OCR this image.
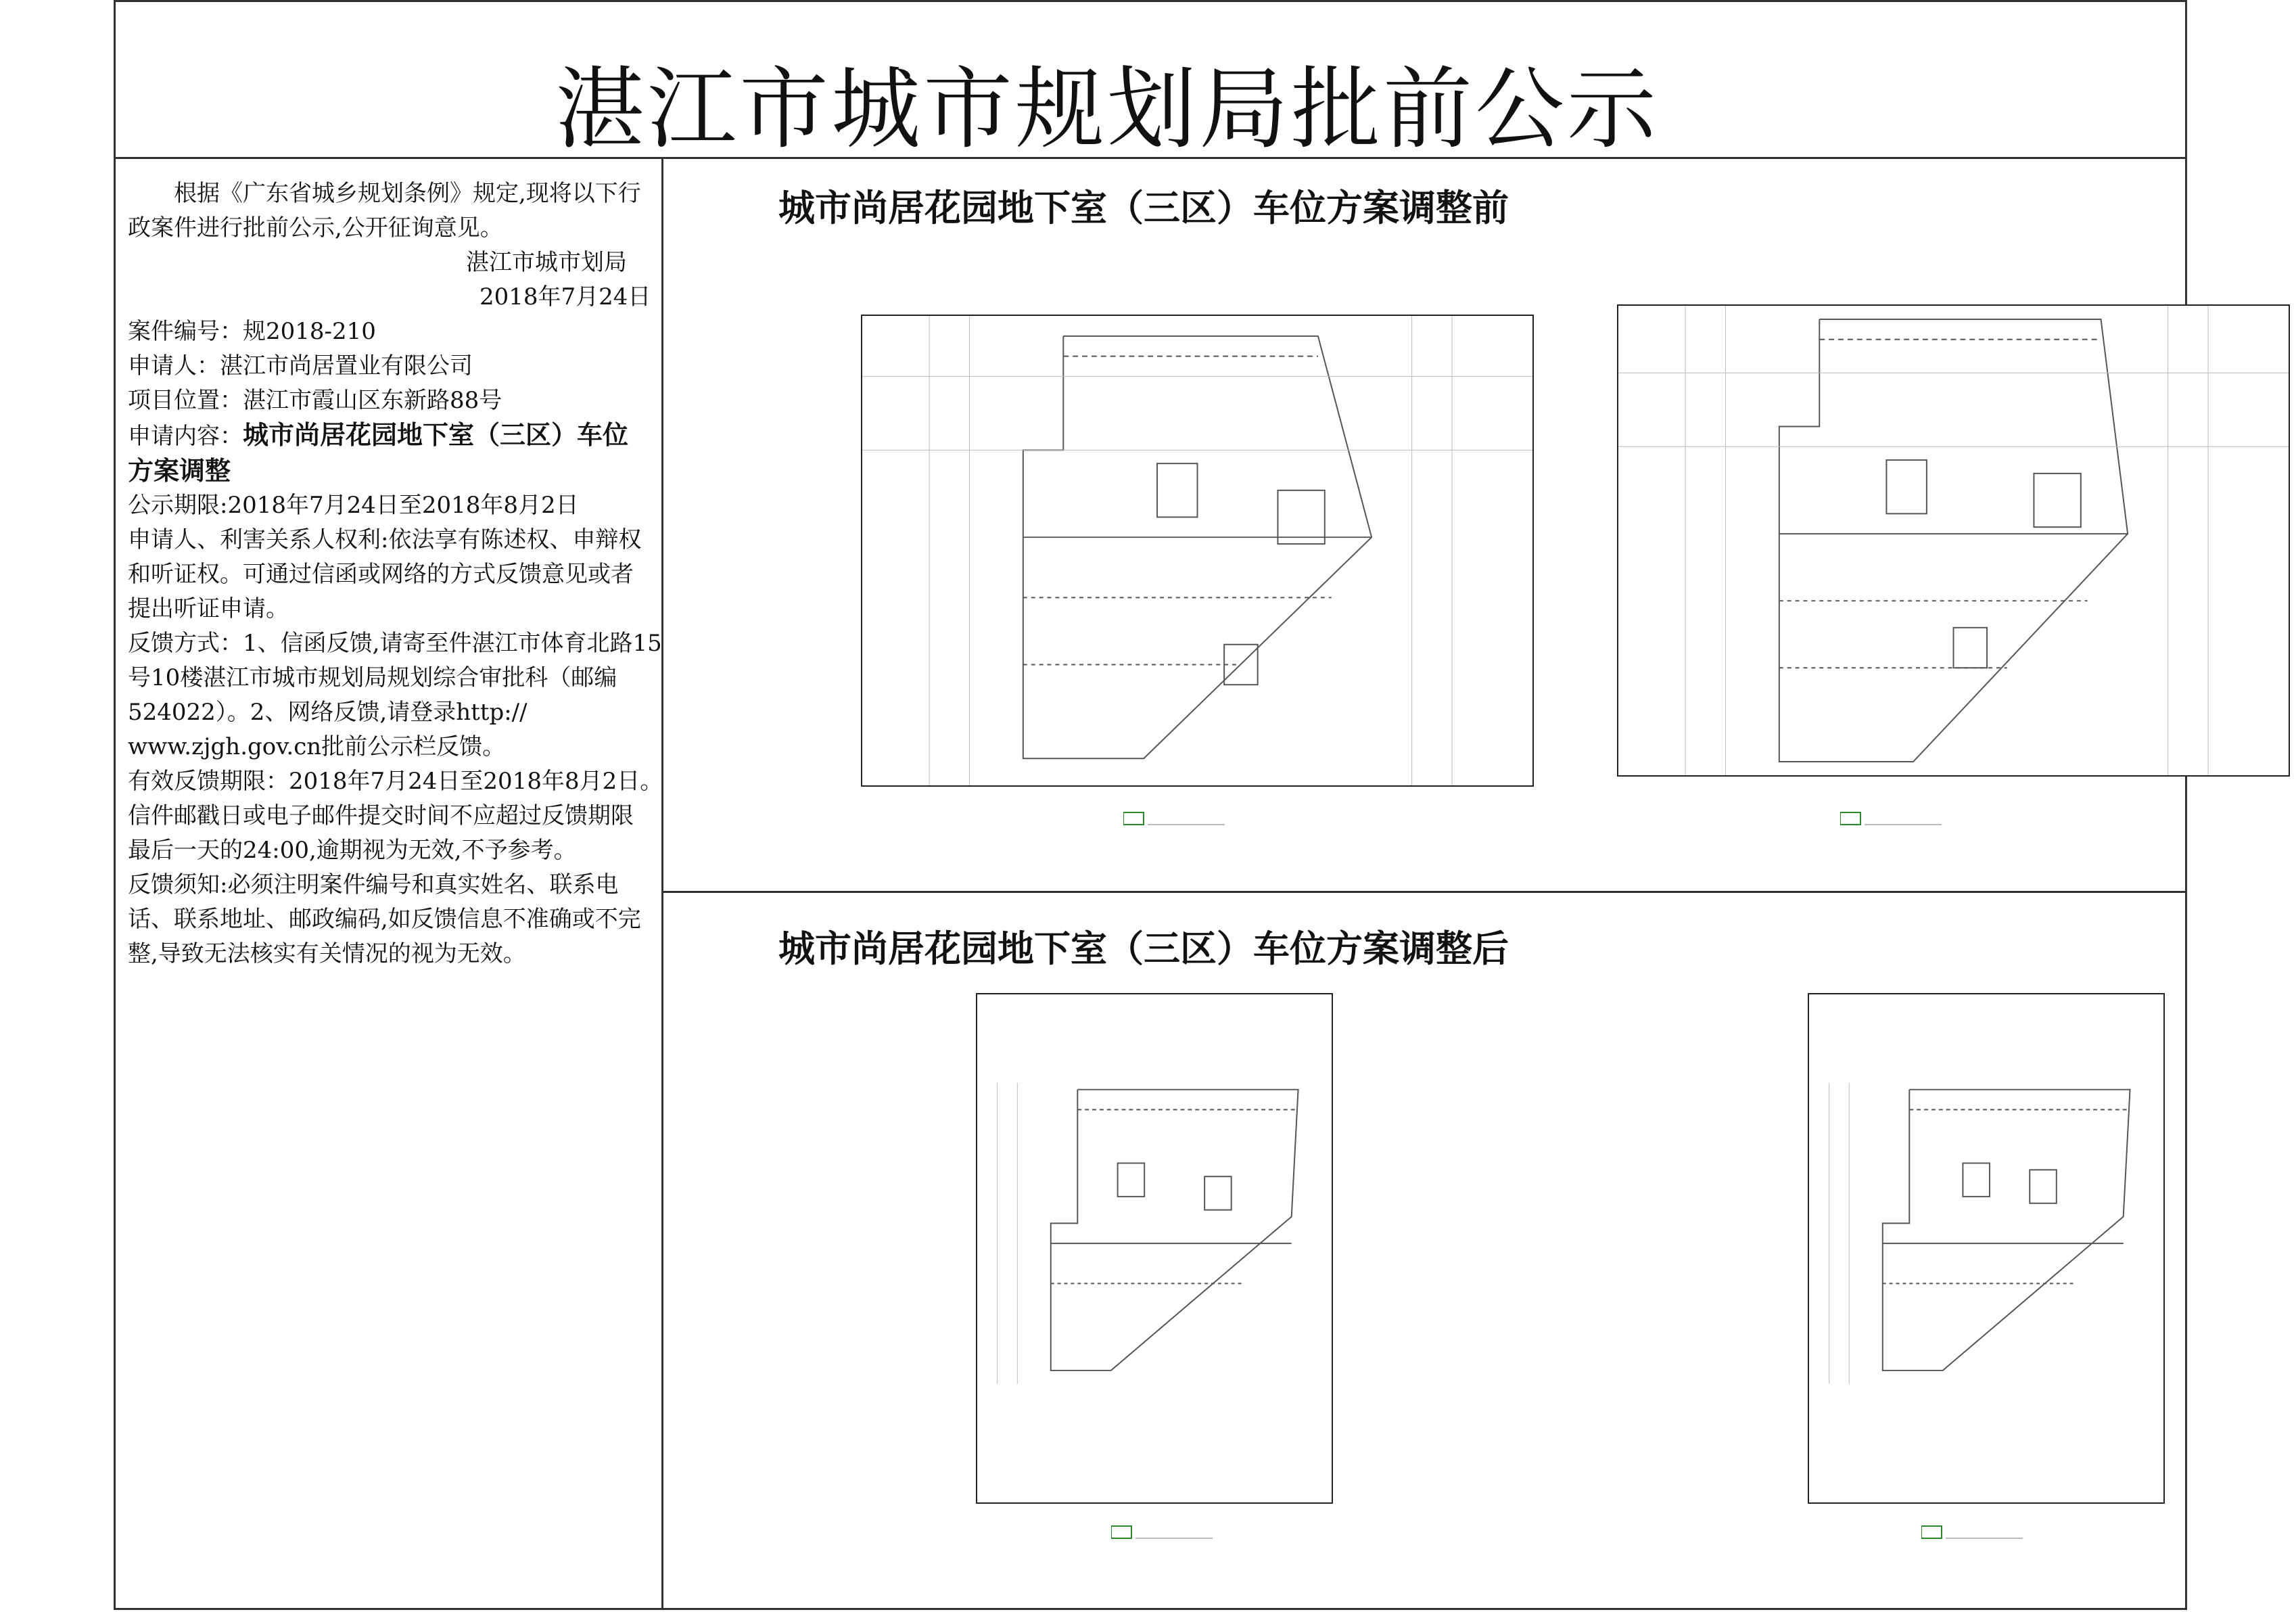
湛江市城市规划局批前公示

根据《广东省城乡规划条例》规定,现将以下行

政案件进行批前公示,公开征询意见。

湛江市城市划局

2018年7月24日

案件编号：规2018-210

申请人：湛江市尚居置业有限公司

项目位置：湛江市霞山区东新路88号

申请内容：城市尚居花园地下室（三区）车位

方案调整

公示期限:2018年7月24日至2018年8月2日

申请人、利害关系人权利:依法享有陈述权、申辩权

和听证权。可通过信函或网络的方式反馈意见或者

提出听证申请。

反馈方式：1、信函反馈,请寄至件湛江市体育北路15

号10楼湛江市城市规划局规划综合审批科（邮编

524022）。2、网络反馈,请登录http://

www.zjgh.gov.cn批前公示栏反馈。

有效反馈期限：2018年7月24日至2018年8月2日。

信件邮戳日或电子邮件提交时间不应超过反馈期限

最后一天的24:00,逾期视为无效,不予参考。

反馈须知:必须注明案件编号和真实姓名、联系电

话、联系地址、邮政编码,如反馈信息不准确或不完

整,导致无法核实有关情况的视为无效。

城市尚居花园地下室（三区）车位方案调整前
城市尚居花园地下室（三区）车位方案调整后
